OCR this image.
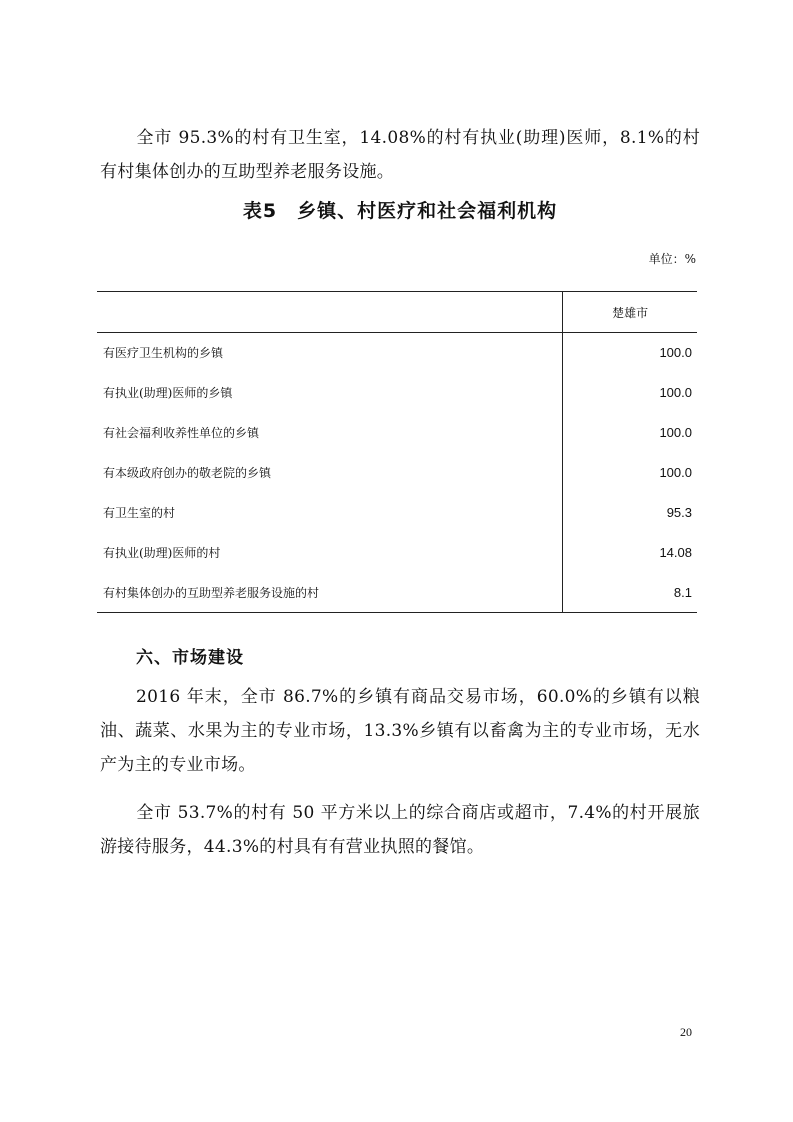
全市 95.3%的村有卫生室，14.08%的村有执业(助理)医师，8.1%的村有村集体创办的互助型养老服务设施。
表5　乡镇、村医疗和社会福利机构
单位：%
	楚雄市
有医疗卫生机构的乡镇	100.0
有执业(助理)医师的乡镇	100.0
有社会福利收养性单位的乡镇	100.0
有本级政府创办的敬老院的乡镇	100.0
有卫生室的村	95.3
有执业(助理)医师的村	14.08
有村集体创办的互助型养老服务设施的村	8.1
六、市场建设
2016 年末，全市 86.7%的乡镇有商品交易市场，60.0%的乡镇有以粮油、蔬菜、水果为主的专业市场，13.3%乡镇有以畜禽为主的专业市场，无水产为主的专业市场。
全市 53.7%的村有 50 平方米以上的综合商店或超市，7.4%的村开展旅游接待服务，44.3%的村具有有营业执照的餐馆。
20
